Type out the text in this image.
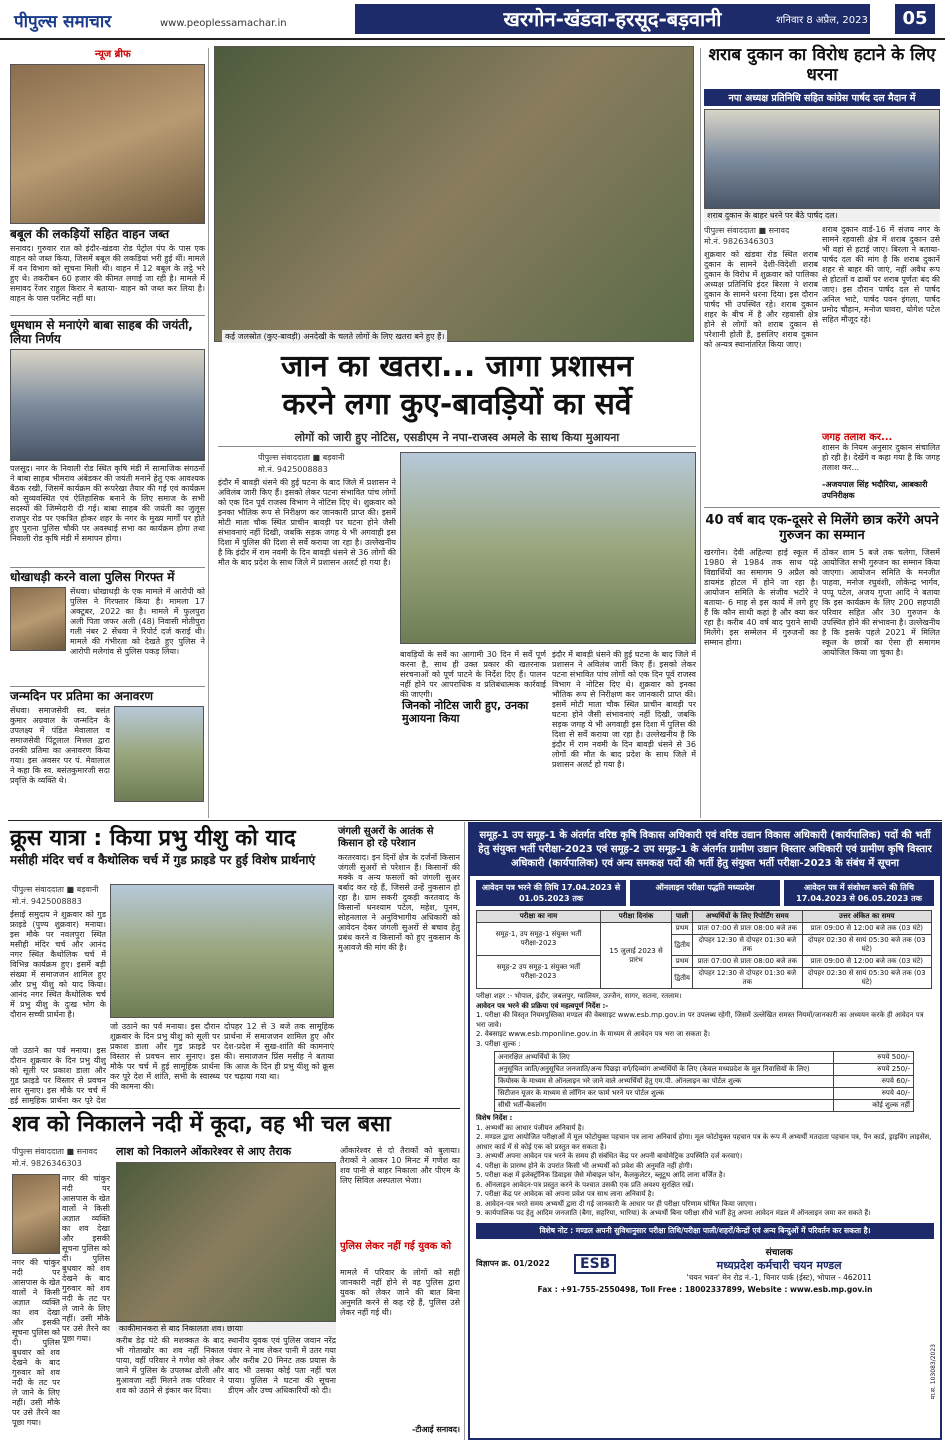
पीपुल्स समाचार	www.peoplessamachar.in	खरगोन-खंडवा-हरसूद-बड़वानी	शनिवार 8 अप्रैल, 2023	05
न्यूज ब्रीफ
बबूल की लकड़ियों सहित वाहन जब्त
सनावद। गुरुवार रात को इंदौर-खंडवा रोड पेट्रोल पंप के पास एक वाहन को जब्त किया, जिसमें बबूल की लकड़ियां भरी हुई थीं। मामले में वन विभाग को सूचना मिली थी। वाहन में 12 बबूल के लट्ठे भरे हुए थे। तकरीबन 60 हजार की कीमत लगाई जा रही है। मामले में समावद रेंजर राहुल किरार ने बताया- वाहन को जब्त कर लिया है। वाहन के पास परमिट नहीं था।
धूमधाम से मनाएंगे बाबा साहब की जयंती, लिया निर्णय
पलसूद। नगर के निवाली रोड स्थित कृषि मंडी में सामाजिक संगठनों ने बाबा साहब भीमराव अंबेडकर की जयंती मनाने हेतु एक आवश्यक बैठक रखी, जिसमें कार्यक्रम की रूपरेखा तैयार की गई एवं कार्यक्रम को सुव्यवस्थित एवं ऐतिहासिक बनाने के लिए समाज के सभी सदस्यों की जिम्मेदारी दी गई। बाबा साहब की जयंती का जुलूस राजपुर रोड पर एकत्रित होकर शहर के नगर के मुख्य मार्गों पर होते हुए पुराना पुलिस चौकी पर अवस्थाई सभा का कार्यक्रम होगा तथा निवाली रोड कृषि मंडी में समापन होगा।
धोखाधड़ी करने वाला पुलिस गिरफ्त में
सेंधवा। धोखाधड़ी के एक मामले में आरोपी को पुलिस ने गिरफ्तार किया है। मामला 17 अक्टूबर, 2022 का है। मामले में फुलपुरा अली पिता जफर अली (48) निवासी मोतीपुरा गली नंबर 2 सेंधवा ने रिपोर्ट दर्ज कराई थी। मामले की गंभीरता को देखते हुए पुलिस ने आरोपी मलेगांव से पुलिस पकड़ लिया।
जन्मदिन पर प्रतिमा का अनावरण
सेंधवा। समाजसेवी स्व. बसंत कुमार अग्रवाल के जन्मदिन के उपलक्ष्य में पंडित मेवालाल व समाजसेवी पिंटूलाल मित्तल द्वारा उनकी प्रतिमा का अनावरण किया गया। इस अवसर पर पं. मेवालाल ने कहा कि स्व. बसंतकुमारजी सदा प्रवृत्ति के व्यक्ति थे।
कई जलस्रोत (कुए-बावड़ी) अनदेखी के चलते लोगों के लिए खतरा बने हुए हैं।
जान का खतरा... जागा प्रशासन
करने लगा कुए-बावड़ियों का सर्वे
लोगों को जारी हुए नोटिस, एसडीएम ने नपा-राजस्व अमले के साथ किया मुआयना
पीपुल्स संवाददाता ■ बड़वानी
मो.नं. 9425008883
इंदौर में बावड़ी धंसने की हुई घटना के बाद जिले में प्रशासन ने अविलंब जारी किए हैं। इसको लेकर पटना संभावित पांच लोगों को एक दिन पूर्व राजस्व विभाग ने नोटिस दिए थे। शुक्रवार को इनका भौतिक रूप से निरीक्षण कर जानकारी प्राप्त की। इसमें मोटी माता चौक स्थित प्राचीन बावड़ी पर घटना होने जैसी संभावनाएं नहीं दिखी, जबकि सड़क जगह ये भी अगवाही इस दिशा में पुलिस की दिशा से सर्वे कराया जा रहा है। उल्लेखनीय है कि इंदौर में राम नवमी के दिन बावड़ी धंसने से 36 लोगों की मौत के बाद प्रदेश के साथ जिले में प्रशासन अलर्ट हो गया है।
बावड़ियों के सर्वे का आगामी 30 दिन में सर्वे पूर्ण करना है, साथ ही उक्त प्रकार की खतरनाक संरचनाओं को पूर्ण पाटने के निर्देश दिए हैं। पालन नहीं होने पर आपराधिक व प्रतिबंधात्मक कार्रवाई की जाएगी।
जिनको नोटिस जारी हुए, उनका मुआयना किया
इंदौर में बावड़ी धंसने की हुई घटना के बाद जिले में प्रशासन ने अविलंब जारी किए हैं। इसको लेकर पटना संभावित पांच लोगों को एक दिन पूर्व राजस्व विभाग ने नोटिस दिए थे। शुक्रवार को इनका भौतिक रूप से निरीक्षण कर जानकारी प्राप्त की। इसमें मोटी माता चौक स्थित प्राचीन बावड़ी पर घटना होने जैसी संभावनाएं नहीं दिखी, जबकि सड़क जगह ये भी अगवाही इस दिशा में पुलिस की दिशा से सर्वे कराया जा रहा है। उल्लेखनीय है कि इंदौर में राम नवमी के दिन बावड़ी धंसने से 36 लोगों की मौत के बाद प्रदेश के साथ जिले में प्रशासन अलर्ट हो गया है।
शराब दुकान का विरोध हटाने के लिए धरना
नपा अध्यक्ष प्रतिनिधि सहित कांग्रेस पार्षद दल मैदान में
शराब दुकान के बाहर धरने पर बैठे पार्षद दल।
पीपुल्स संवाददाता ■ सनावद
मो.नं. 9826346303
शुक्रवार को खंडवा रोड स्थित शराब दुकान के सामने देशी-विदेशी शराब दुकान के विरोध में शुक्रवार को पालिका अध्यक्ष प्रतिनिधि इंदर बिरला ने शराब दुकान के सामने धरना दिया। इस दौरान पार्षद भी उपस्थित रहे। शराब दुकान शहर के बीच में है और रहवासी क्षेत्र होने से लोगों को शराब दुकान से परेशानी होती है, इसलिए शराब दुकान को अन्यत्र स्थानांतरित किया जाए।
शराब दुकान वार्ड-16 में संजय नगर के सामने रहवासी क्षेत्र में शराब दुकान उसे भी वहां से हटाई जाए। बिरला ने बताया- पार्षद दल की मांग है कि शराब दुकानें शहर से बाहर की जाएं, नहीं अवैध रूप से होटलों व ढाबों पर शराब पूर्णतः बंद की जाए। इस दौरान पार्षद दल से पार्षद अनिल भाटे, पार्षद पवन इंगला, पार्षद प्रमोद चौहान, मनोज घावरा, योगेश पटेल सहित मौजूद रहे।
जगह तलाश कर...
शासन के नियम अनुसार दुकान संचालित हो रही है। देखेंगे व कहा गया है कि जगह तलाश कर...
-अजयपाल सिंह भदौरिया, आबकारी उपनिरीक्षक
40 वर्ष बाद एक-दूसरे से मिलेंगे छात्र करेंगे अपने गुरुजन का सम्मान
खरगोन। देवी अहिल्या हाई स्कूल में 1980 से 1984 तक साथ पढ़े विद्यार्थियों का समागम 9 अप्रैल को डायमंड होटल में होने जा रहा है। आयोजन समिति के संजीव भटोरे ने बताया- 6 माह से इस कार्य में लगे हुए हैं कि कौन साथी कहां है और क्या कर रहा है। करीब 40 वर्ष बाद पुराने साथी मिलेंगे। इस सम्मेलन में गुरुजनों का सम्मान होगा।
ठोकर शाम 5 बजे तक चलेगा, जिसमें आयोजित सभी गुरुजन का सम्मान किया जाएगा। आयोजन समिति के मनजीत पाहवा, मनोज रघुवंशी, लोकेन्द्र भार्गव, पप्पू पटेल, अजय गुप्ता आदि ने बताया कि इस कार्यक्रम के लिए 200 सहपाठी परिवार सहित और 30 गुरुजन के उपस्थित होने की संभावना है। उल्लेखनीय है कि इसके पहले 2021 में मिलित स्कूल के छात्रों का ऐसा ही समागम आयोजित किया जा चुका है।
क्रूस यात्रा : किया प्रभु यीशु को याद
मसीही मंदिर चर्च व कैथोलिक चर्च में गुड फ्राइडे पर हुई विशेष प्रार्थनाएं
जंगली सुअरों के आतंक से किसान हो रहे परेशान
करतरवाद। इन दिनों क्षेत्र के दर्जनों किसान जंगली सुअरों से परेशान हैं। किसानों की मक्के व अन्य फसलों को जंगली सुअर बर्बाद कर रहे हैं, जिससे उन्हें नुकसान हो रहा है। ग्राम सकरी दुकड़ी करतवाद के किसानों धनश्याम पटेल, महेश, पूनम, सोहनलाल ने अनुविभागीय अधिकारी को आवेदन देकर जंगली सुअरों से बचाव हेतु प्रबंध करने व किसानों को हुए नुकसान के मुआवजे की मांग की है।
पीपुल्स संवाददाता ■ बड़वानी
मो.नं. 9425008883
ईसाई समुदाय ने शुक्रवार को गुड फ्राइडे (पुण्य शुक्रवार) मनाया। इस मौके पर नवलपुरा स्थित मसीही मंदिर चर्च और आनंद नगर स्थित कैथोलिक चर्च में विभिन्न कार्यक्रम हुए। इसमें बड़ी संख्या में समाजजन शामिल हुए और प्रभु यीशु को याद किया। आनंद नगर स्थित कैथोलिक चर्च में प्रभु यीशु के दुःख भोग के दौरान सच्ची प्रार्थना है।
जो उठाने का पर्व मनाया। इस दौरान शुक्रवार के दिन प्रभु यीशु को सूली पर प्रकाश डाला और गुड फ्राइडे पर विस्तार से प्रवचन सार सुनाए। इस मौके पर चर्च में हुई सामूहिक प्रार्थना कर पूरे देश में शांति, सभी के स्वास्थ्य की कामना की।
दोपहर 12 से 3 बजे तक सामूहिक प्रार्थना में समाजजन शामिल हुए और देश-प्रदेश में सुख-शांति की कामनाएं की। समाजजन प्रिंस मसीह ने बताया कि आज के दिन ही प्रभु यीशु को क्रूस पर चढ़ाया गया था।
जो उठाने का पर्व मनाया। इस दौरान शुक्रवार के दिन प्रभु यीशु को सूली पर प्रकाश डाला और गुड फ्राइडे पर विस्तार से प्रवचन सार सुनाए। इस मौके पर चर्च में हुई सामूहिक प्रार्थना कर पूरे देश
शव को निकालने नदी में कूदा, वह भी चल बसा
पीपुल्स संवाददाता ■ सनावद
मो.नं. 9826346303
नगर की चांकुर नदी पर आसपास के खेत वालों ने किसी अज्ञात व्यक्ति का शव देखा और इसकी सूचना पुलिस को दी। पुलिस बुधवार को शव देखने के बाद गुरुवार को शव नदी के तट पर ले जाने के लिए नहीं। उसी मौके पर उसे तैरने का पूछा गया।
नगर की चांकुर नदी पर आसपास के खेत वालों ने किसी अज्ञात व्यक्ति का शव देखा और इसकी सूचना पुलिस को दी। पुलिस बुधवार को शव देखने के बाद गुरुवार को शव नदी के तट पर ले जाने के लिए नहीं। उसी मौके पर उसे तैरने का पूछा गया।
लाश को निकालने ओंकारेश्वर से आए तैराक
काकीमानकरा से बाद निकालता शव। छायाः
करीब डेढ़ घंटे की मशक्कत के बाद भी गोताखोर का शव नहीं निकाल पाया, वहीं परिवार ने गणेश को लेकर जाने में पुलिस के उपलब्ध ढोली और मुआवजा नहीं मिलने तक परिवार ने शव को उठाने से इंकार कर दिया।
स्थानीय युवक एवं पुलिस जवान नरेंद्र पंवार ने नाव लेकर पानी में उतर गया और करीब 20 मिनट तक प्रयास के बाद भी उसका कोई पता नहीं चल पाया। पुलिस ने घटना की सूचना डीएम और उच्च अधिकारियों को दी।
ओंकारेश्वर से दो तैराकों को बुलाया। तैराकों ने आकर 10 मिनट में गणेश का शव पानी से बाहर निकाला और पीएम के लिए सिविल अस्पताल भेजा।
पुलिस लेकर नहीं गई युवक को
मामले में परिवार के लोगों को सही जानकारी नहीं होने से वह पुलिस द्वारा युवक को लेकर जाने की बात बिना अनुमति करने से कह रहे हैं, पुलिस उसे लेकर नहीं गई थी।
-टीआई सनावद।
समूह-1 उप समूह-1 के अंतर्गत वरिष्ठ कृषि विकास अधिकारी एवं वरिष्ठ उद्यान विकास अधिकारी (कार्यपालिक) पदों की भर्ती हेतु संयुक्त भर्ती परीक्षा-2023 एवं समूह-2 उप समूह-1 के अंतर्गत ग्रामीण उद्यान विस्तार अधिकारी एवं ग्रामीण कृषि विस्तार अधिकारी (कार्यपालिक) एवं अन्य समकक्ष पदों की भर्ती हेतु संयुक्त भर्ती परीक्षा-2023 के संबंध में सूचना
आवेदन पत्र भरने की तिथि 17.04.2023 से 01.05.2023 तक
ऑनलाइन परीक्षा पद्धति मध्यप्रदेश	आवेदन पत्र में संशोधन करने की तिथि 17.04.2023 से 06.05.2023 तक
परीक्षा का नाम	परीक्षा दिनांक	पाली	अभ्यर्थियों के लिए रिपोर्टिंग समय	उत्तर अंकित का समय
समूह-1, उप समूह-1 संयुक्त भर्ती परीक्षा-2023	15 जुलाई 2023 से प्रारंभ	प्रथम	प्रातः 07:00 से प्रातः 08:00 बजे तक	प्रातः 09:00 से 12:00 बजे तक (03 घंटे)
		द्वितीय	दोपहर 12:30 से दोपहर 01:30 बजे तक	दोपहर 02:30 से सायं 05:30 बजे तक (03 घंटे)
समूह-2 उप समूह-1 संयुक्त भर्ती परीक्षा-2023		प्रथम	प्रातः 07:00 से प्रातः 08:00 बजे तक	प्रातः 09:00 से 12:00 बजे तक (03 घंटे)
		द्वितीय	दोपहर 12:30 से दोपहर 01:30 बजे तक	दोपहर 02:30 से सायं 05:30 बजे तक (03 घंटे)
परीक्षा शहर :- भोपाल, इंदौर, जबलपुर, ग्वालियर, उज्जैन, सागर, सतना, रतलाम।
आवेदन पत्र भरने की प्रक्रिया एवं महत्वपूर्ण निर्देश :-
1. परीक्षा की विस्तृत नियमपुस्तिका मण्डल की वेबसाइट www.esb.mp.gov.in पर उपलब्ध रहेगी, जिसमें उल्लेखित समस्त नियमों/जानकारी का अध्ययन करके ही आवेदन पत्र भरा जावे।
2. वेबसाइट www.esb.mponline.gov.in के माध्यम से आवेदन पत्र भरा जा सकता है।
3. परीक्षा शुल्क :
अनारक्षित अभ्यर्थियों के लिए	रुपये 500/-
अनुसूचित जाति/अनुसूचित जनजाति/अन्य पिछड़ा वर्ग/दिव्यांग अभ्यर्थियों के लिए (केवल मध्यप्रदेश के मूल निवासियों के लिए)	रुपये 250/-
कियोस्क के माध्यम से ऑनलाइन भरे जाने वाले अभ्यर्थियों हेतु एम.पी. ऑनलाइन का पोर्टल शुल्क	रुपये 60/-
सिटीजन यूजर के माध्यम से लॉगिन कर फार्म भरने पर पोर्टल शुल्क	रुपये 40/-
सीधी भर्ती-बैकलॉग	कोई शुल्क नहीं
विशेष निर्देश :
1. अभ्यर्थी का आधार पंजीयन अनिवार्य है।
2. मण्डल द्वारा आयोजित परीक्षाओं में मूल फोटोयुक्त पहचान पत्र लाना अनिवार्य होगा। मूल फोटोयुक्त पहचान पत्र के रूप में अभ्यर्थी मतदाता पहचान पत्र, पैन कार्ड, ड्राइविंग लाइसेंस, आधार कार्ड में से कोई एक को प्रस्तुत कर सकता है।
3. अभ्यर्थी अपना आवेदन पत्र भरने के समय ही संबंधित केंद्र पर अपनी बायोमेट्रिक उपस्थिति दर्ज करवाएं।
4. परीक्षा के प्रारम्भ होने के उपरांत किसी भी अभ्यर्थी को प्रवेश की अनुमति नहीं होगी।
5. परीक्षा कक्ष में इलेक्ट्रॉनिक डिवाइस जैसे मोबाइल फोन, कैलकुलेटर, ब्लूटूथ आदि लाना वर्जित है।
6. ऑनलाइन आवेदन-पत्र प्रस्तुत करने के पश्चात उसकी एक प्रति अवश्य सुरक्षित रखें।
7. परीक्षा केंद्र पर आवेदक को अपना प्रवेश पत्र साथ लाना अनिवार्य है।
8. आवेदन-पत्र भरते समय अभ्यर्थी द्वारा दी गई जानकारी के आधार पर ही परीक्षा परिणाम घोषित किया जाएगा।
9. कार्यपालिक पद हेतु आदिम जनजाति (बैगा, सहरिया, भारिया) के अभ्यर्थी बिना परीक्षा सीधे भर्ती हेतु अपना आवेदन मंडल में ऑनलाइन जमा कर सकते हैं।
विशेष नोट : मण्डल अपनी सुविधानुसार परीक्षा तिथि/परीक्षा पाली/शहरों/केन्द्रों एवं अन्य बिन्दुओं में परिवर्तन कर सकता है।
विज्ञापन क्र. 01/2022	ESB
संचालक
मध्यप्रदेश कर्मचारी चयन मण्डल
'चयन भवन' मेन रोड नं.-1, चिनार पार्क (ईस्ट), भोपाल - 462011
Fax : +91-755-2550498, Toll Free : 18002337899, Website : www.esb.mp.gov.in
मा.स. 103083/2023
